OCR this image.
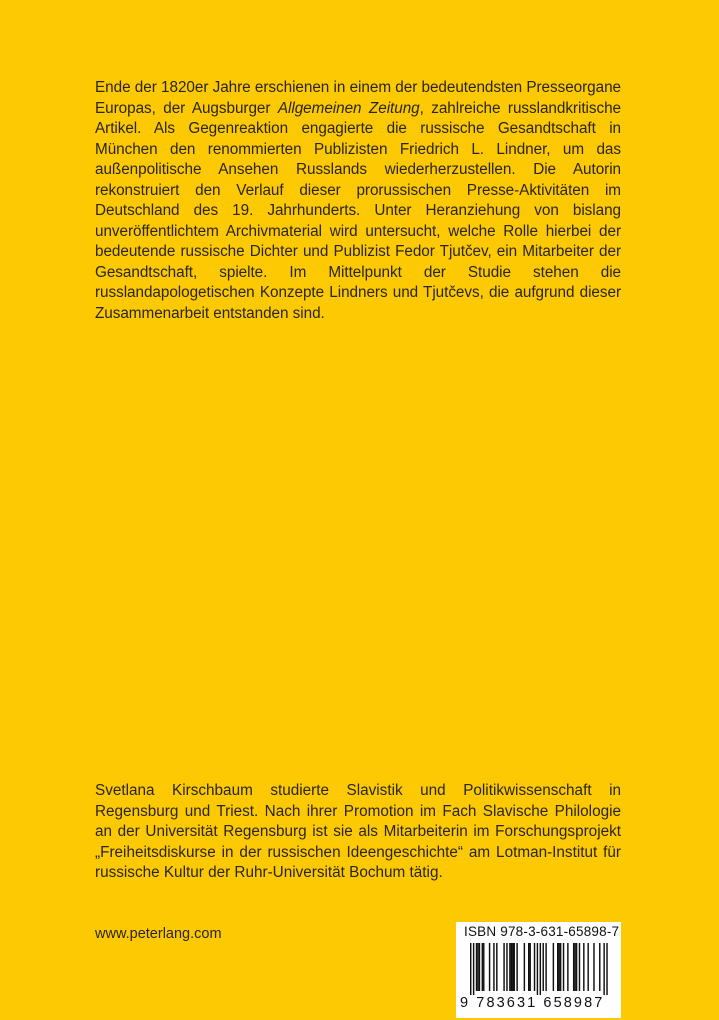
Ende der 1820er Jahre erschienen in einem der bedeutendsten Presseorgane Europas, der Augsburger Allgemeinen Zeitung, zahlreiche russlandkritische Artikel. Als Gegenreaktion engagierte die russische Gesandtschaft in München den renommierten Publizisten Friedrich L. Lindner, um das außenpolitische Ansehen Russlands wiederherzustellen. Die Autorin rekonstruiert den Verlauf dieser prorussischen Presse-Aktivitäten im Deutschland des 19. Jahrhunderts. Unter Heranziehung von bislang unveröffentlichtem Archivmaterial wird untersucht, welche Rolle hierbei der bedeutende russische Dichter und Publizist Fedor Tjutčev, ein Mitarbeiter der Gesandtschaft, spielte. Im Mittelpunkt der Studie stehen die russlandapologetischen Konzepte Lindners und Tjutčevs, die aufgrund dieser Zusammenarbeit entstanden sind.

Svetlana Kirschbaum studierte Slavistik und Politikwissenschaft in Regensburg und Triest. Nach ihrer Promotion im Fach Slavische Philologie an der Universität Regensburg ist sie als Mitarbeiterin im Forschungsprojekt „Freiheitsdiskurse in der russischen Ideengeschichte“ am Lotman-Institut für russische Kultur der Ruhr-Universität Bochum tätig.

www.peterlang.com	ISBN 978-3-631-65898-7
9 783631 658987
